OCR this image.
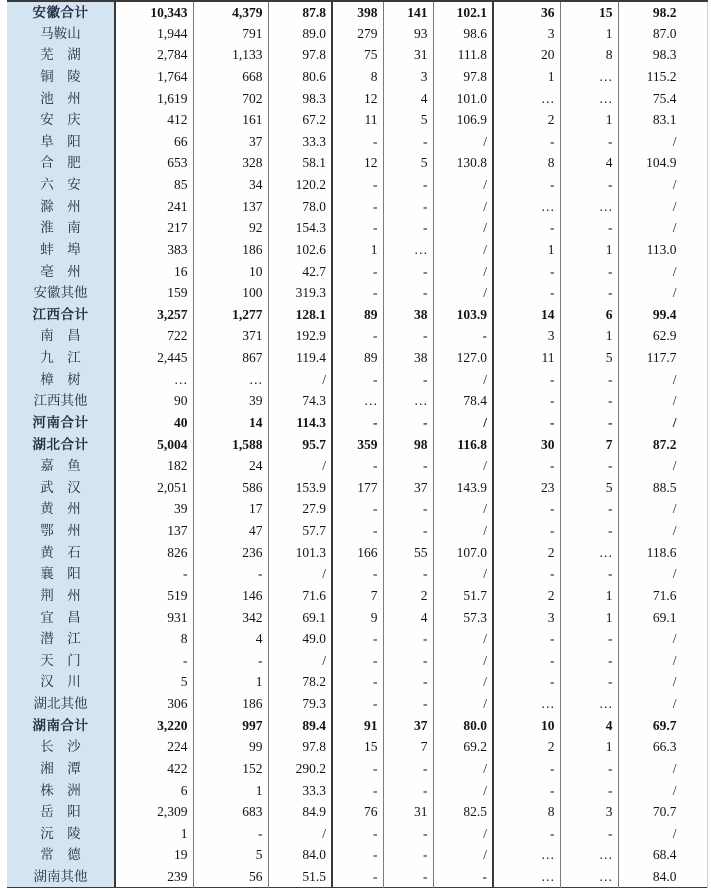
安徽合计	10,343	4,379	87.8	398	141	102.1	36	15	98.2
马鞍山	1,944	791	89.0	279	93	98.6	3	1	87.0
芜　湖	2,784	1,133	97.8	75	31	111.8	20	8	98.3
铜　陵	1,764	668	80.6	8	3	97.8	1	…	115.2
池　州	1,619	702	98.3	12	4	101.0	…	…	75.4
安　庆	412	161	67.2	11	5	106.9	2	1	83.1
阜　阳	66	37	33.3	-	-	/	-	-	/
合　肥	653	328	58.1	12	5	130.8	8	4	104.9
六　安	85	34	120.2	-	-	/	-	-	/
滁　州	241	137	78.0	-	-	/	…	…	/
淮　南	217	92	154.3	-	-	/	-	-	/
蚌　埠	383	186	102.6	1	…	/	1	1	113.0
亳　州	16	10	42.7	-	-	/	-	-	/
安徽其他	159	100	319.3	-	-	/	-	-	/
江西合计	3,257	1,277	128.1	89	38	103.9	14	6	99.4
南　昌	722	371	192.9	-	-	-	3	1	62.9
九　江	2,445	867	119.4	89	38	127.0	11	5	117.7
樟　树	…	…	/	-	-	/	-	-	/
江西其他	90	39	74.3	…	…	78.4	-	-	/
河南合计	40	14	114.3	-	-	/	-	-	/
湖北合计	5,004	1,588	95.7	359	98	116.8	30	7	87.2
嘉　鱼	182	24	/	-	-	/	-	-	/
武　汉	2,051	586	153.9	177	37	143.9	23	5	88.5
黄　州	39	17	27.9	-	-	/	-	-	/
鄂　州	137	47	57.7	-	-	/	-	-	/
黄　石	826	236	101.3	166	55	107.0	2	…	118.6
襄　阳	-	-	/	-	-	/	-	-	/
荆　州	519	146	71.6	7	2	51.7	2	1	71.6
宜　昌	931	342	69.1	9	4	57.3	3	1	69.1
潜　江	8	4	49.0	-	-	/	-	-	/
天　门	-	-	/	-	-	/	-	-	/
汉　川	5	1	78.2	-	-	/	-	-	/
湖北其他	306	186	79.3	-	-	/	…	…	/
湖南合计	3,220	997	89.4	91	37	80.0	10	4	69.7
长　沙	224	99	97.8	15	7	69.2	2	1	66.3
湘　潭	422	152	290.2	-	-	/	-	-	/
株　洲	6	1	33.3	-	-	/	-	-	/
岳　阳	2,309	683	84.9	76	31	82.5	8	3	70.7
沅　陵	1	-	/	-	-	/	-	-	/
常　德	19	5	84.0	-	-	/	…	…	68.4
湖南其他	239	56	51.5	-	-	-	…	…	84.0
